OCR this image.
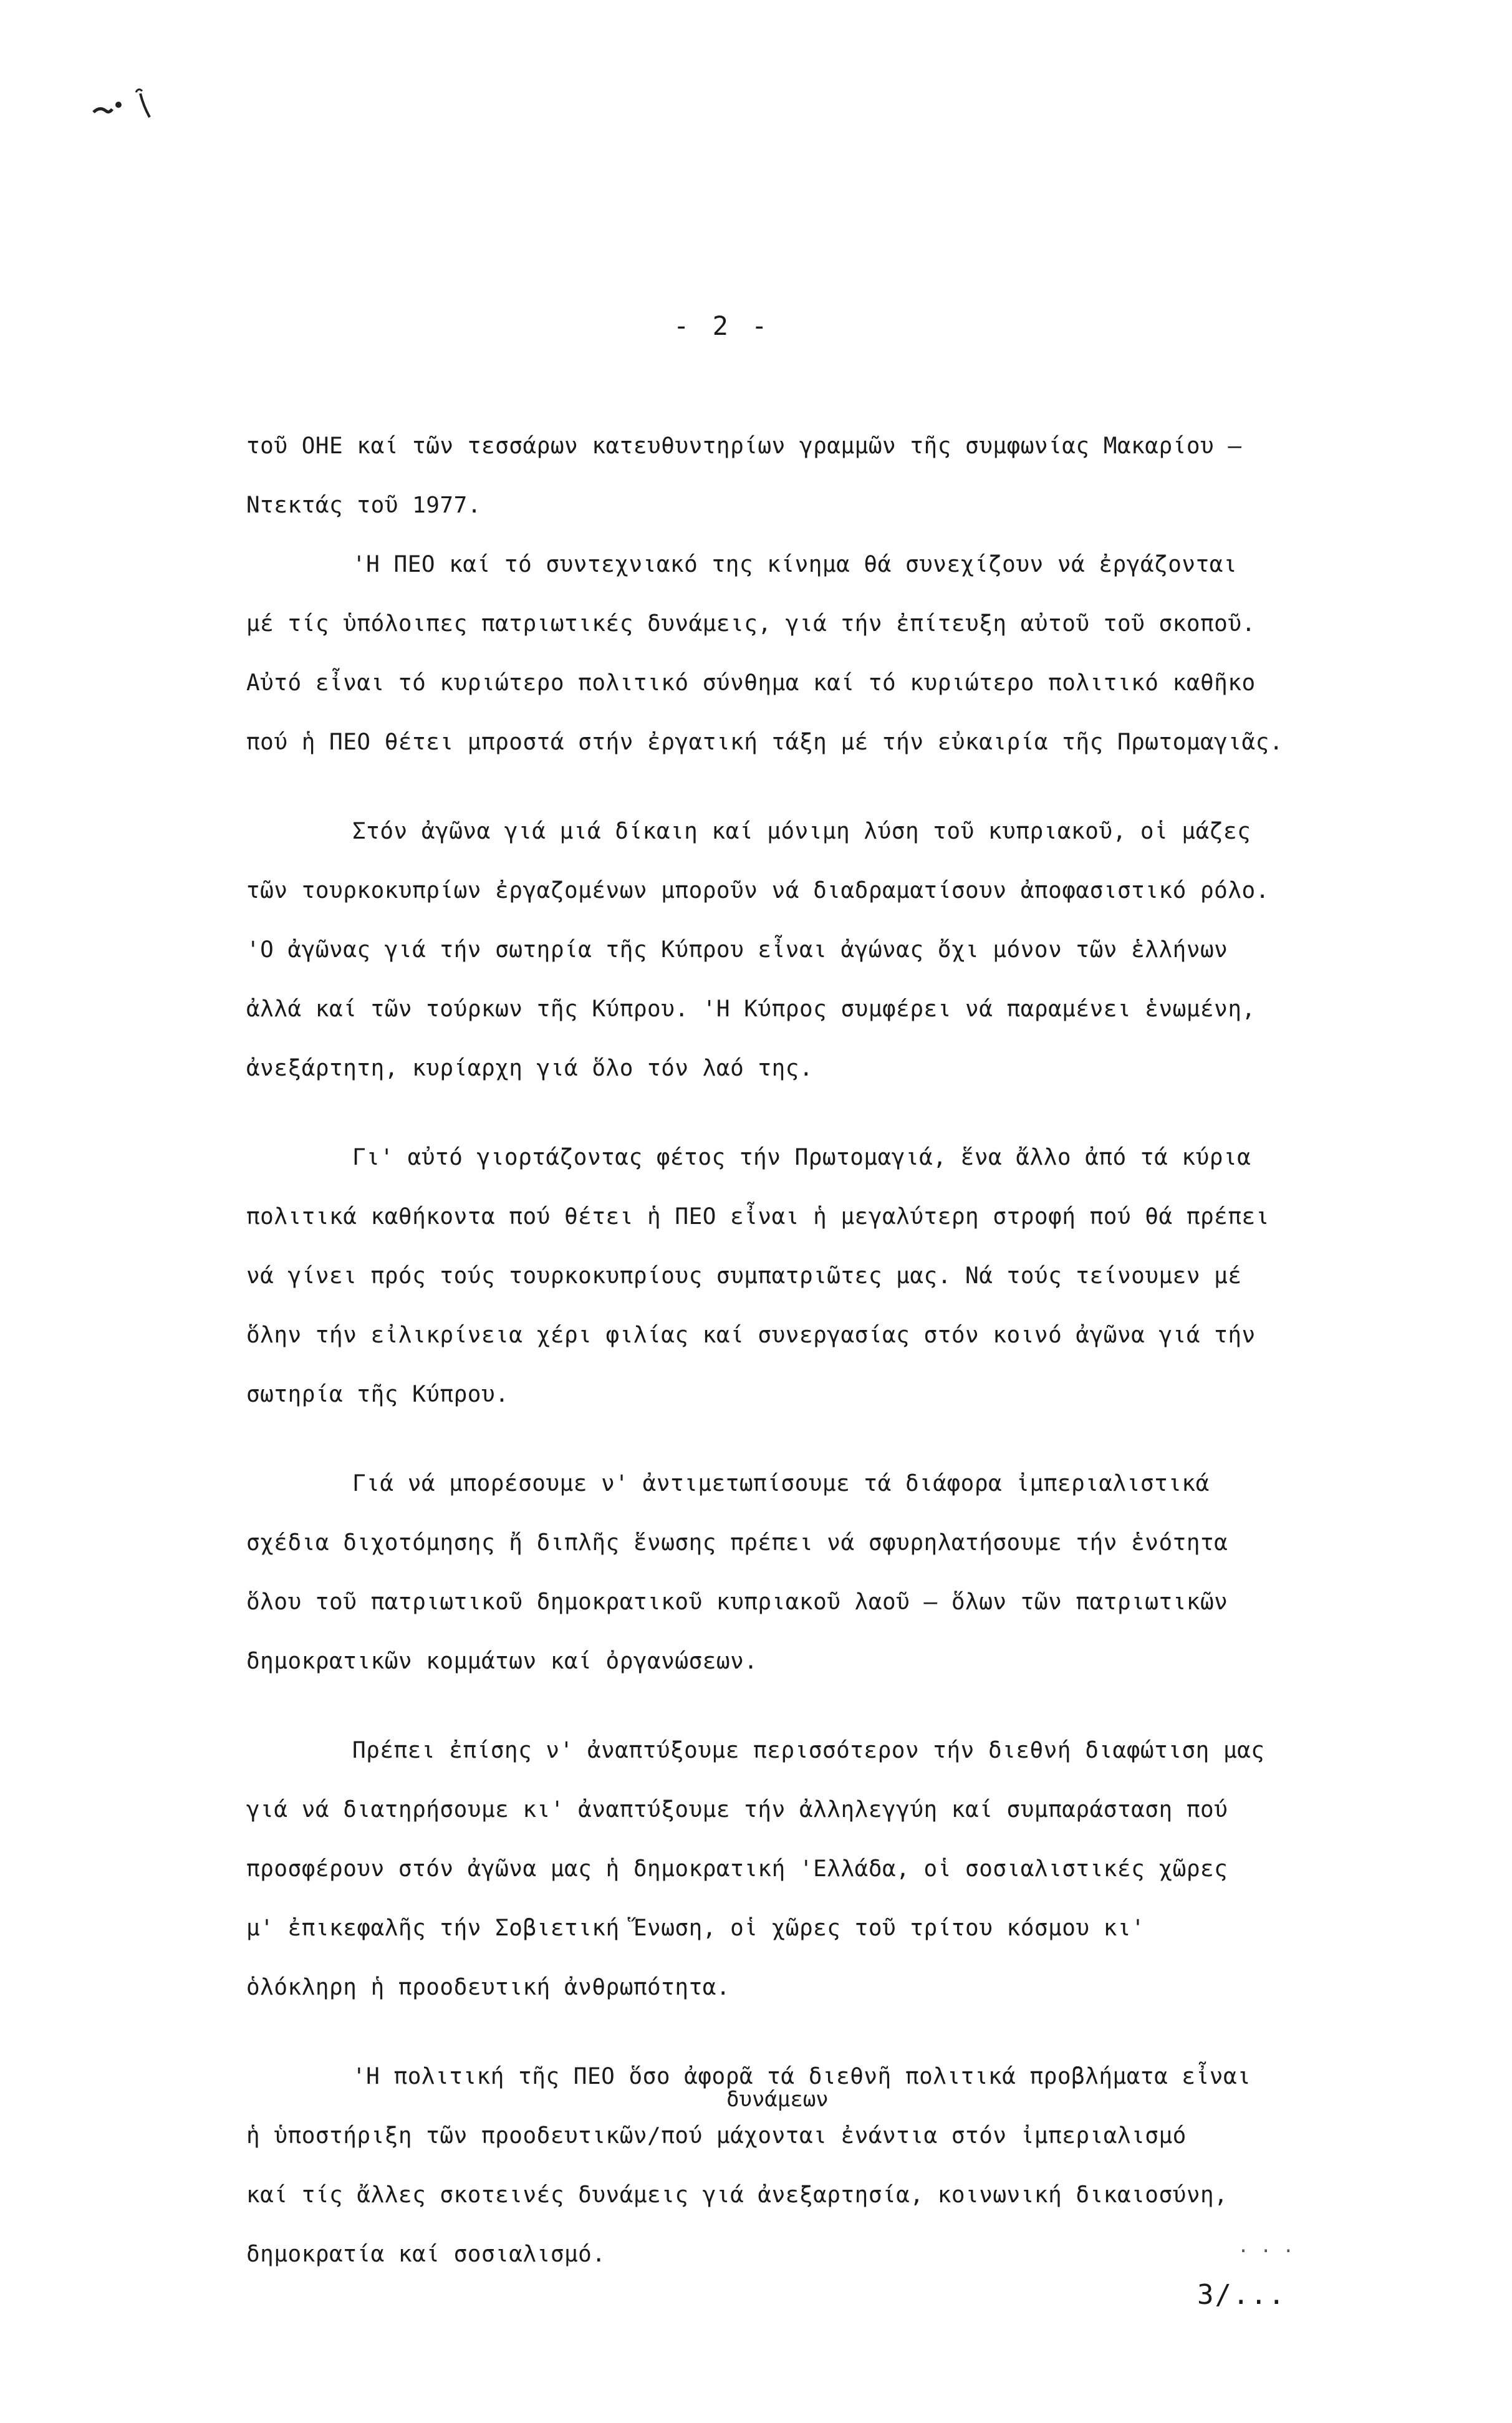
- 2 -
τοῦ ΟΗΕ καί τῶν τεσσάρων κατευθυντηρίων γραμμῶν τῆς συμφωνίας Μακαρίου –
Ντεκτάς τοῦ 1977.
'Η ΠΕΟ καί τό συντεχνιακό της κίνημα θά συνεχίζουν νά ἐργάζονται
μέ τίς ὑπόλοιπες πατριωτικές δυνάμεις, γιά τήν ἐπίτευξη αὐτοῦ τοῦ σκοποῦ.
Αὐτό εἶναι τό κυριώτερο πολιτικό σύνθημα καί τό κυριώτερο πολιτικό καθῆκο
πού ἡ ΠΕΟ θέτει μπροστά στήν ἐργατική τάξη μέ τήν εὐκαιρία τῆς Πρωτομαγιᾶς.
Στόν ἀγῶνα γιά μιά δίκαιη καί μόνιμη λύση τοῦ κυπριακοῦ, οἱ μάζες
τῶν τουρκοκυπρίων ἐργαζομένων μποροῦν νά διαδραματίσουν ἀποφασιστικό ρόλο.
'Ο ἀγῶνας γιά τήν σωτηρία τῆς Κύπρου εἶναι ἀγώνας ὄχι μόνον τῶν ἑλλήνων
ἀλλά καί τῶν τούρκων τῆς Κύπρου. 'Η Κύπρος συμφέρει νά παραμένει ἑνωμένη,
ἀνεξάρτητη, κυρίαρχη γιά ὅλο τόν λαό της.
Γι' αὐτό γιορτάζοντας φέτος τήν Πρωτομαγιά, ἕνα ἄλλο ἀπό τά κύρια
πολιτικά καθήκοντα πού θέτει ἡ ΠΕΟ εἶναι ἡ μεγαλύτερη στροφή πού θά πρέπει
νά γίνει πρός τούς τουρκοκυπρίους συμπατριῶτες μας. Νά τούς τείνουμεν μέ
ὅλην τήν εἰλικρίνεια χέρι φιλίας καί συνεργασίας στόν κοινό ἀγῶνα γιά τήν
σωτηρία τῆς Κύπρου.
Γιά νά μπορέσουμε ν' ἀντιμετωπίσουμε τά διάφορα ἰμπεριαλιστικά
σχέδια διχοτόμησης ἤ διπλῆς ἕνωσης πρέπει νά σφυρηλατήσουμε τήν ἑνότητα
ὅλου τοῦ πατριωτικοῦ δημοκρατικοῦ κυπριακοῦ λαοῦ – ὅλων τῶν πατριωτικῶν
δημοκρατικῶν κομμάτων καί ὀργανώσεων.
Πρέπει ἐπίσης ν' ἀναπτύξουμε περισσότερον τήν διεθνή διαφώτιση μας
γιά νά διατηρήσουμε κι' ἀναπτύξουμε τήν ἀλληλεγγύη καί συμπαράσταση πού
προσφέρουν στόν ἀγῶνα μας ἡ δημοκρατική 'Ελλάδα, οἱ σοσιαλιστικές χῶρες
μ' ἐπικεφαλῆς τήν Σοβιετική Ἕνωση, οἱ χῶρες τοῦ τρίτου κόσμου κι'
ὁλόκληρη ἡ προοδευτική ἀνθρωπότητα.
'Η πολιτική τῆς ΠΕΟ ὅσο ἀφορᾶ τά διεθνῆ πολιτικά προβλήματα εἶναι
δυνάμεων
ἡ ὑποστήριξη τῶν προοδευτικῶν/πού μάχονται ἐνάντια στόν ἰμπεριαλισμό
καί τίς ἄλλες σκοτεινές δυνάμεις γιά ἀνεξαρτησία, κοινωνική δικαιοσύνη,
δημοκρατία καί σοσιαλισμό.	. . .
3/...
